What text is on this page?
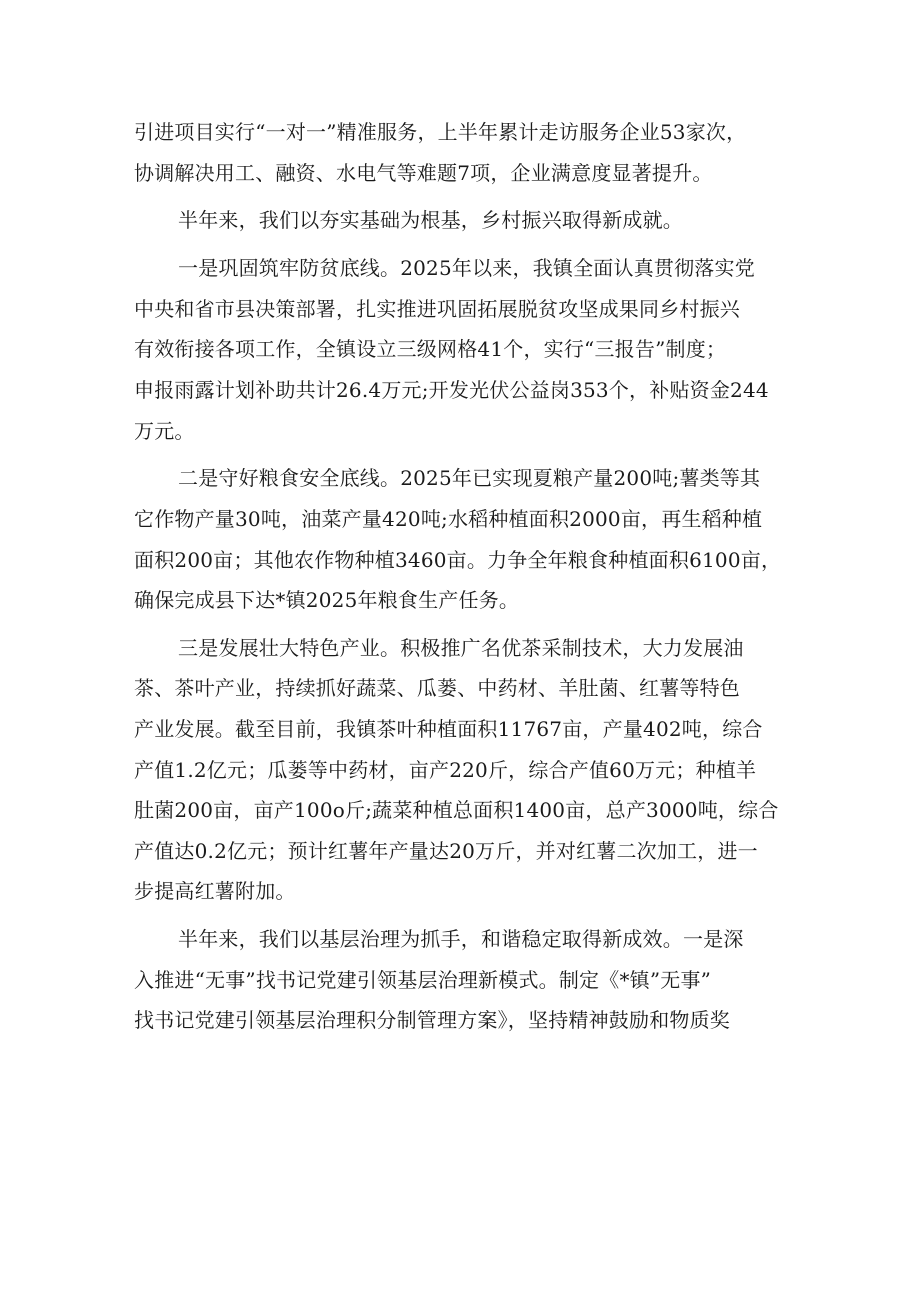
引进项目实行“一对一”精准服务，上半年累计走访服务企业53家次，
协调解决用工、融资、水电气等难题7项，企业满意度显著提升。
半年来，我们以夯实基础为根基，乡村振兴取得新成就。
一是巩固筑牢防贫底线。2025年以来，我镇全面认真贯彻落实党
中央和省市县决策部署，扎实推进巩固拓展脱贫攻坚成果同乡村振兴
有效衔接各项工作，全镇设立三级网格41个，实行“三报告”制度；
申报雨露计划补助共计26.4万元;开发光伏公益岗353个，补贴资金244
万元。
二是守好粮食安全底线。2025年已实现夏粮产量200吨;薯类等其
它作物产量30吨，油菜产量420吨;水稻种植面积2000亩，再生稻种植
面积200亩；其他农作物种植3460亩。力争全年粮食种植面积6100亩，
确保完成县下达*镇2025年粮食生产任务。
三是发展壮大特色产业。积极推广名优茶采制技术，大力发展油
茶、茶叶产业，持续抓好蔬菜、瓜蒌、中药材、羊肚菌、红薯等特色
产业发展。截至目前，我镇茶叶种植面积11767亩，产量402吨，综合
产值1.2亿元；瓜蒌等中药材，亩产220斤，综合产值60万元；种植羊
肚菌200亩，亩产100o斤;蔬菜种植总面积1400亩，总产3000吨，综合
产值达0.2亿元；预计红薯年产量达20万斤，并对红薯二次加工，进一
步提高红薯附加。
半年来，我们以基层治理为抓手，和谐稳定取得新成效。一是深
入推进“无事”找书记党建引领基层治理新模式。制定《*镇”无事”
找书记党建引领基层治理积分制管理方案》，坚持精神鼓励和物质奖
